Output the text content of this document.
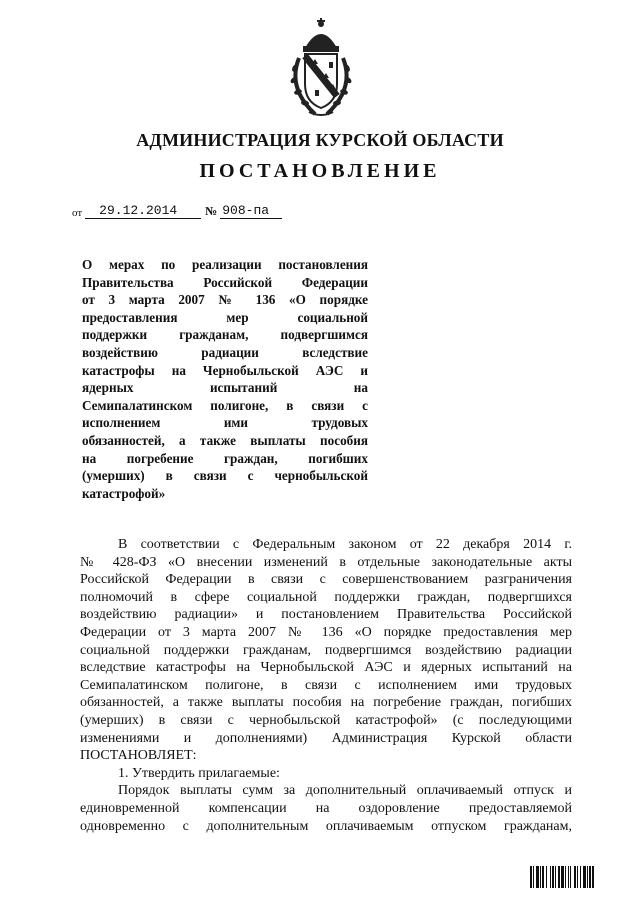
АДМИНИСТРАЦИЯ КУРСКОЙ ОБЛАСТИ
ПОСТАНОВЛЕНИЕ
от	29.12.2014	№ 908-па
О мерах по реализации постановления
Правительства Российской Федерации
от 3 марта 2007 № 136 «О порядке
предоставления мер социальной
поддержки гражданам, подвергшимся
воздействию радиации вследствие
катастрофы на Чернобыльской АЭС и
ядерных испытаний на
Семипалатинском полигоне, в связи с
исполнением ими трудовых
обязанностей, а также выплаты пособия
на погребение граждан, погибших
(умерших) в связи с чернобыльской
катастрофой»
В соответствии с Федеральным законом от 22 декабря 2014 г.
№ 428-ФЗ «О внесении изменений в отдельные законодательные акты
Российской Федерации в связи с совершенствованием разграничения
полномочий в сфере социальной поддержки граждан, подвергшихся
воздействию радиации» и постановлением Правительства Российской
Федерации от 3 марта 2007 № 136 «О порядке предоставления мер
социальной поддержки гражданам, подвергшимся воздействию радиации
вследствие катастрофы на Чернобыльской АЭС и ядерных испытаний на
Семипалатинском полигоне, в связи с исполнением ими трудовых
обязанностей, а также выплаты пособия на погребение граждан, погибших
(умерших) в связи с чернобыльской катастрофой» (с последующими
изменениями и дополнениями) Администрация Курской области
ПОСТАНОВЛЯЕТ:
1. Утвердить прилагаемые:
Порядок выплаты сумм за дополнительный оплачиваемый отпуск и
единовременной компенсации на оздоровление предоставляемой
одновременно с дополнительным оплачиваемым отпуском гражданам,
